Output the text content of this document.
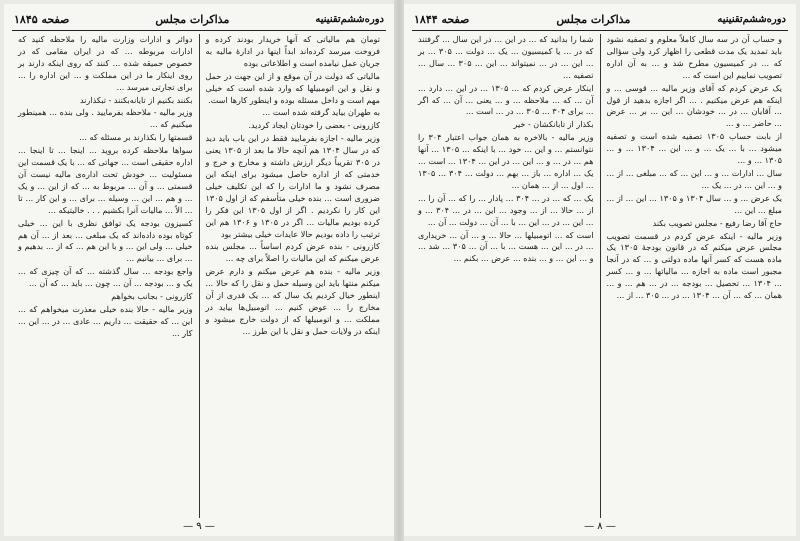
دوره‌ششم‌تقنینیه
مذاکرات مجلس
صفحه ۱۸۴۵

تومان هم مالیاتی که آنها خریدار بودند کرده و فروخت میرسد کرده‌اند ابداً اینها در ادارهٔ مالیه به جریان عمل نیامده است و اطلاعاتی بوده

مالیاتی که دولت در آن موقع و از این جهت در حمل و نقل و این اتومبیلها که وارد شده است که خیلی مهم است و داخل مسئله بوده و اینطور کارها است.

به طهران بیاید گرفته شده است ...

کازرونی - بعضی را خودتان ایجاد کردید.

وزیر مالیه - اجازه بفرمایید فقط در این باب باید دید که در سال ۱۳۰۴ هم آنچه حالا ما بعد از ۱۳۰۵ یعنی در ۳۰۵ تقریباً دیگر ارزش داشته و مخارج و خرج و خدمتی که از اداره حاصل میشود برای اینکه این مصرف نشود و ما ادارات را که این تکلیف خیلی ضروری است ... بنده خیلی متأسفم که از اول ۱۳۰۵ این کار را نکردیم . اگر از اول ۱۳۰۵ این فکر را کرده بودیم مالیات ... اگر در ۱۳۰۵ و ۱۳۰۶ هم این ترتیب را داده بودیم حالا عایدات خیلی بیشتر بود

کازرونی - بنده عرض کردم اساساً ... مجلس بنده عرض میکنم که این مالیات را اصلاً برای چه ...

وزیر مالیه - بنده هم عرض میکنم و دارم عرض میکنم منتها باید این وسیله حمل و نقل را که حالا ... اینطور خیال کردیم یک سال که ... یک قدری از آن مخارج را ... عوض کنیم ... اتومبیل‌ها بیاید در مملکت ... و اتومبیلها که از دولت خارج میشود و اینکه در ولایات حمل و نقل با این طرز ...

دوائر و ادارات وزارت مالیه را ملاحظه کنید که ادارات مربوطه ... که در ایران مقامی که در خصوص حمیقه شده ... کنند که روی اینکه دارند بر روی اینکار ما در این مملکت و ... این اداره را ... برای تجارتی میرسد ...

بکنند بکنیم از تایانه‌بکنند - تبکذارند

وزیر مالیه - ملاحظه بفرمایید . ولی بنده ... همینطور میکنیم که ...

قسمتها را بکذارند بر مسئله که ...

سواها ملاحظه کرده بروید ... اینجا ... تا اینجا ... اداره حقیقی است ... جهاتی که ... با یک قسمت این مسئولیت ... خودش تحت اداره‌ی مالیه نیست آن قسمتی ... و آن ... مربوط به ... که از این ... و یک ... و هم‌ ... این ... وسیله ... برای ... و این کار ... تا ... الاً ... مالیات آنرا بکشیم . . . خالیتیکه ...

کسیزون بودجه یک توافق نظری با این ... خیلی کوتاه بوده داده‌اند که یک مبلغی ... بعد از ... آن هم خیلی ... ولی این ... و با این هم ... که از ... بدهیم و ... برای ... بیانیم ...

واجع بودجه ... سال گذشته ... که آن چیزی که ... یک و ... بودجه ... آن ... چون ... باید ... که آن ...

کازرونی - بجانب بخواهم

وزیر مالیه - حالا بنده خیلی معذرت میخواهم که ... این ... که حقیقت ... داریم ... عادی ... در ... این ... کار ...

— ۹ —
دوره‌ششم‌تقنینیه
مذاکرات مجلس
صفحه ۱۸۴۴

و حساب آن در سه سال کاملاً معلوم و تصفیه نشود باید تمدید یک مدت قطعی را اظهار کرد ولی سؤالی که ... در کمیسیون مطرح شد و ... به آن اداره تصویب نماییم این است که ...

یک عرض کردم که آقای وزیر مالیه ... قوسی ... و اینکه هم عرض میکنیم . ... اگر اجازه بدهید از قول ... آقایان ... در ... خودشان ... این ... بر ... عرض ... حاضر ... و ...

از بابت حساب ۱۳۰۵ تصفیه شده است و تصفیه میشود ... با ... یک ... و ... این ... ۱۳۰۴ ... و ... ۱۳۰۵ ... و ...

سال ... ادارات ... و ... این ... که ... مبلغی ... از ... و ... این ... در ... یک ...

یک عرض ... و ... سال ۱۳۰۴ و ۱۳۰۵ ... این ... از ... مبلغ ... این ...

حاج آقا رضا رفیع - مجلس تصویب بکند

وزیر مالیه - اینکه عرض کردم در قسمت تصویب مجلس عرض میکنم که در قانون بودجهٔ ۱۳۰۵ یک ماده هست که کسر آنها ماده دولتی و ... که در آنجا مجبور است ماده به اجازه ... مالیاتها ... و ... کسر ... ۱۳۰۴ ... تحصیل ... بودجه ... در ... هم ... و ... همان ... که ... آن ... ۱۳۰۴ ... در ... ۳۰۵ ... از ...

شما را بدانید که ... در این ... در این سال ... گرفتند که در ... یا کمیسیون ... یک ... دولت ... ۳۰۵ ... بر ... این ... در ... نمیتواند ... این ... ۳۰۵ ... سال ... تصفیه ...

اینکار عرض کردم که ... ۱۳۰۵ ... در این ... دارد ... آن ... که ... ملاحظه ... و ... یعنی ... آن ... که اگر ... برای ۳۰۴ ... ۳۰۵ ... در ... است ...

بکذار از تابانکشان - خیر

وزیر مالیه - بالاخره به همان جواب اعتبار ۳۰۴ را نتوانستم ... و این ... خود ... با اینکه ... ۱۳۰۵ ... آنها هم ... در ... و ... این ... در این ... ۱۳۰۴ ... است ... یک ... اداره ... باز ... بهم ... دولت ... ۳۰۴ ... ۱۳۰۵ ... اول ... از ... همان ...

یک ... که ... در ... ۳۰۴ ... پادار ... را که ... آن را ... از ... حالا ... از ... وجود ... این ... در ... ۳۰۴ ... و ... این ... در ... این ... با ... آن ... دولت ... آن ...

است که ... اتومبیلها ... حالا ... و ... آن ... خریداری ... در ... این ... هست ... با ... آن ... ۳۰۵ ... شد ... و ... این ... و ... بنده ... عرض ... بکنم ...

— ۸ —
